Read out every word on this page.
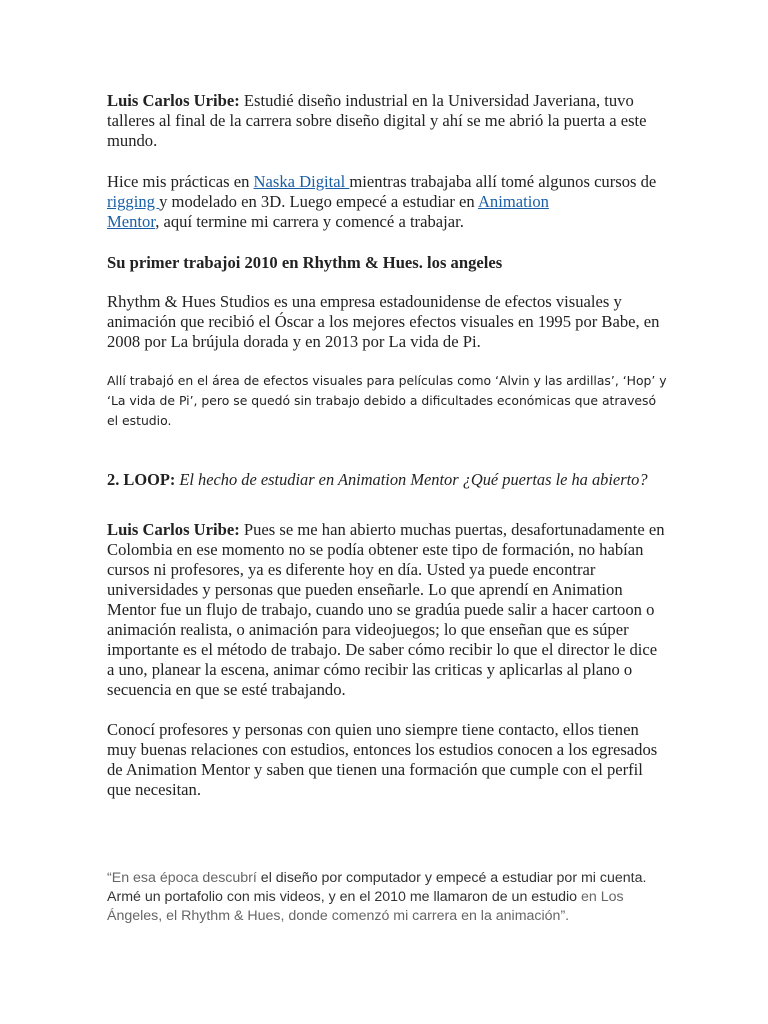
Luis Carlos Uribe: Estudié diseño industrial en la Universidad Javeriana, tuvo talleres al final de la carrera sobre diseño digital y ahí se me abrió la puerta a este mundo.

Hice mis prácticas en Naska Digital mientras trabajaba allí tomé algunos cursos de rigging y modelado en 3D. Luego empecé a estudiar en Animation
Mentor, aquí termine mi carrera y comencé a trabajar.

Su primer trabajoi 2010 en Rhythm & Hues. los angeles

Rhythm & Hues Studios es una empresa estadounidense de efectos visuales y animación que recibió el Óscar a los mejores efectos visuales en 1995 por Babe, en 2008 por La brújula dorada y en 2013 por La vida de Pi.

Allí trabajó en el área de efectos visuales para películas como ‘Alvin y las ardillas’, ‘Hop’ y ‘La vida de Pi’, pero se quedó sin trabajo debido a dificultades económicas que atravesó el estudio.

2. LOOP: El hecho de estudiar en Animation Mentor ¿Qué puertas le ha abierto?

Luis Carlos Uribe: Pues se me han abierto muchas puertas, desafortunadamente en Colombia en ese momento no se podía obtener este tipo de formación, no habían cursos ni profesores, ya es diferente hoy en día. Usted ya puede encontrar universidades y personas que pueden enseñarle. Lo que aprendí en Animation Mentor fue un flujo de trabajo, cuando uno se gradúa puede salir a hacer cartoon o animación realista, o animación para videojuegos; lo que enseñan que es súper importante es el método de trabajo. De saber cómo recibir lo que el director le dice a uno, planear la escena, animar cómo recibir las criticas y aplicarlas al plano o secuencia en que se esté trabajando.

Conocí profesores y personas con quien uno siempre tiene contacto, ellos tienen muy buenas relaciones con estudios, entonces los estudios conocen a los egresados de Animation Mentor y saben que tienen una formación que cumple con el perfil que necesitan.

“En esa época descubrí el diseño por computador y empecé a estudiar por mi cuenta. Armé un portafolio con mis videos, y en el 2010 me llamaron de un estudio en Los Ángeles, el Rhythm & Hues, donde comenzó mi carrera en la animación”.
